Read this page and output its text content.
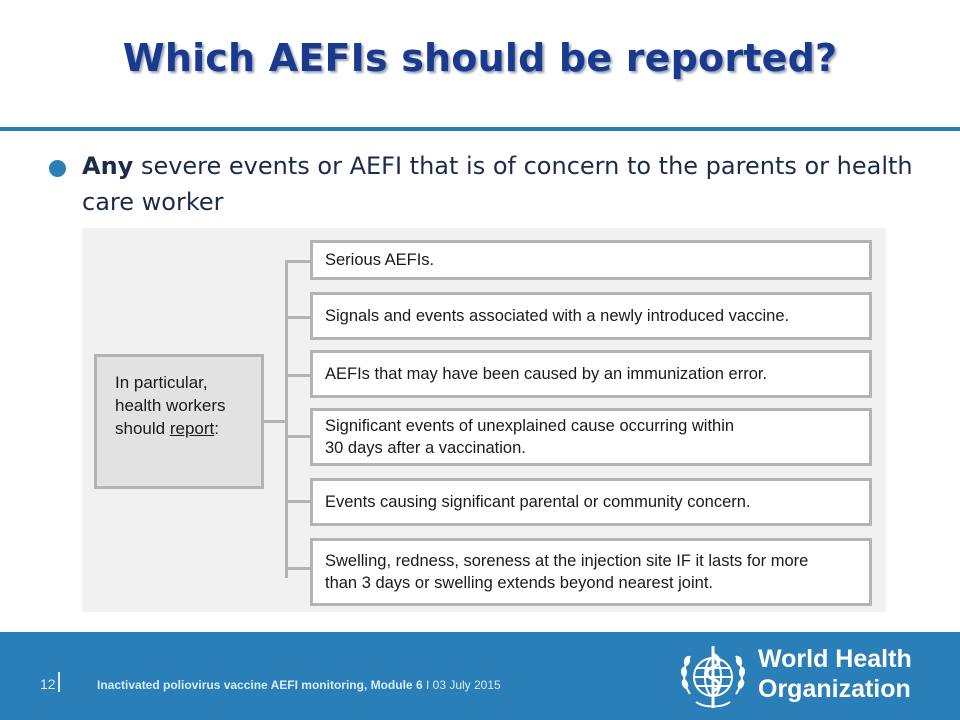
Which AEFIs should be reported?
Any severe events or AEFI that is of concern to the parents or health care worker
In particular,
health workers
should report:
Serious AEFIs.
Signals and events associated with a newly introduced vaccine.
AEFIs that may have been caused by an immunization error.
Significant events of unexplained cause occurring within
30 days after a vaccination.
Events causing significant parental or community concern.
Swelling, redness, soreness at the injection site IF it lasts for more
than 3 days or swelling extends beyond nearest joint.
12	Inactivated poliovirus vaccine AEFI monitoring, Module 6 I 03 July 2015
World Health
Organization
